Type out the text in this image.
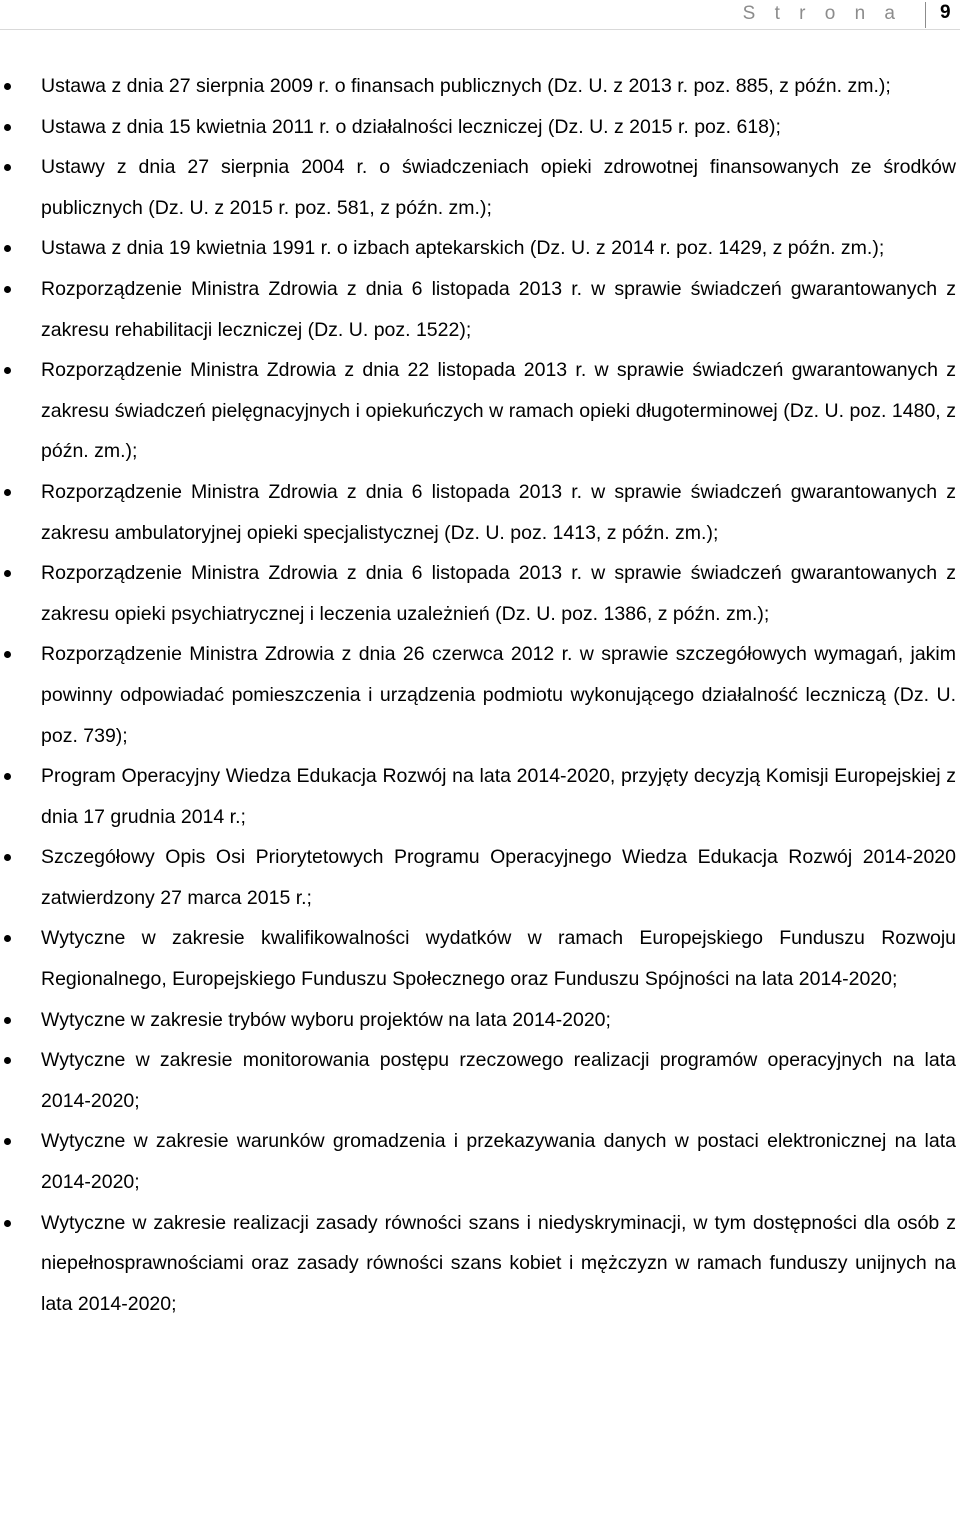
S t r o n a 9
Ustawa z dnia 27 sierpnia 2009 r. o finansach publicznych (Dz. U. z 2013 r. poz. 885, z późn. zm.);
Ustawa z dnia 15 kwietnia 2011 r. o działalności leczniczej (Dz. U. z 2015 r. poz. 618);
Ustawy z dnia 27 sierpnia 2004 r. o świadczeniach opieki zdrowotnej finansowanych ze środków publicznych (Dz. U. z 2015 r. poz. 581, z późn. zm.);
Ustawa z dnia 19 kwietnia 1991 r. o izbach aptekarskich (Dz. U. z 2014 r. poz. 1429, z późn. zm.);
Rozporządzenie Ministra Zdrowia z dnia 6 listopada 2013 r. w sprawie świadczeń gwarantowanych z zakresu rehabilitacji leczniczej (Dz. U. poz. 1522);
Rozporządzenie Ministra Zdrowia z dnia 22 listopada 2013 r. w sprawie świadczeń gwarantowanych z zakresu świadczeń pielęgnacyjnych i opiekuńczych w ramach opieki długoterminowej (Dz. U. poz. 1480, z późn. zm.);
Rozporządzenie Ministra Zdrowia z dnia 6 listopada 2013 r. w sprawie świadczeń gwarantowanych z zakresu ambulatoryjnej opieki specjalistycznej (Dz. U. poz. 1413, z późn. zm.);
Rozporządzenie Ministra Zdrowia z dnia 6 listopada 2013 r. w sprawie świadczeń gwarantowanych z zakresu opieki psychiatrycznej i leczenia uzależnień (Dz. U. poz. 1386, z późn. zm.);
Rozporządzenie Ministra Zdrowia z dnia 26 czerwca 2012 r. w sprawie szczegółowych wymagań, jakim powinny odpowiadać pomieszczenia i urządzenia podmiotu wykonującego działalność leczniczą (Dz. U. poz. 739);
Program Operacyjny Wiedza Edukacja Rozwój na lata 2014-2020, przyjęty decyzją Komisji Europejskiej z dnia 17 grudnia 2014 r.;
Szczegółowy Opis Osi Priorytetowych Programu Operacyjnego Wiedza Edukacja Rozwój 2014-2020 zatwierdzony 27 marca 2015 r.;
Wytyczne w zakresie kwalifikowalności wydatków w ramach Europejskiego Funduszu Rozwoju Regionalnego, Europejskiego Funduszu Społecznego oraz Funduszu Spójności na lata 2014-2020;
Wytyczne w zakresie trybów wyboru projektów na lata 2014-2020;
Wytyczne w zakresie monitorowania postępu rzeczowego realizacji programów operacyjnych na lata 2014-2020;
Wytyczne w zakresie warunków gromadzenia i przekazywania danych w postaci elektronicznej na lata 2014-2020;
Wytyczne w zakresie realizacji zasady równości szans i niedyskryminacji, w tym dostępności dla osób z niepełnosprawnościami oraz zasady równości szans kobiet i mężczyzn w ramach funduszy unijnych na lata 2014-2020;
